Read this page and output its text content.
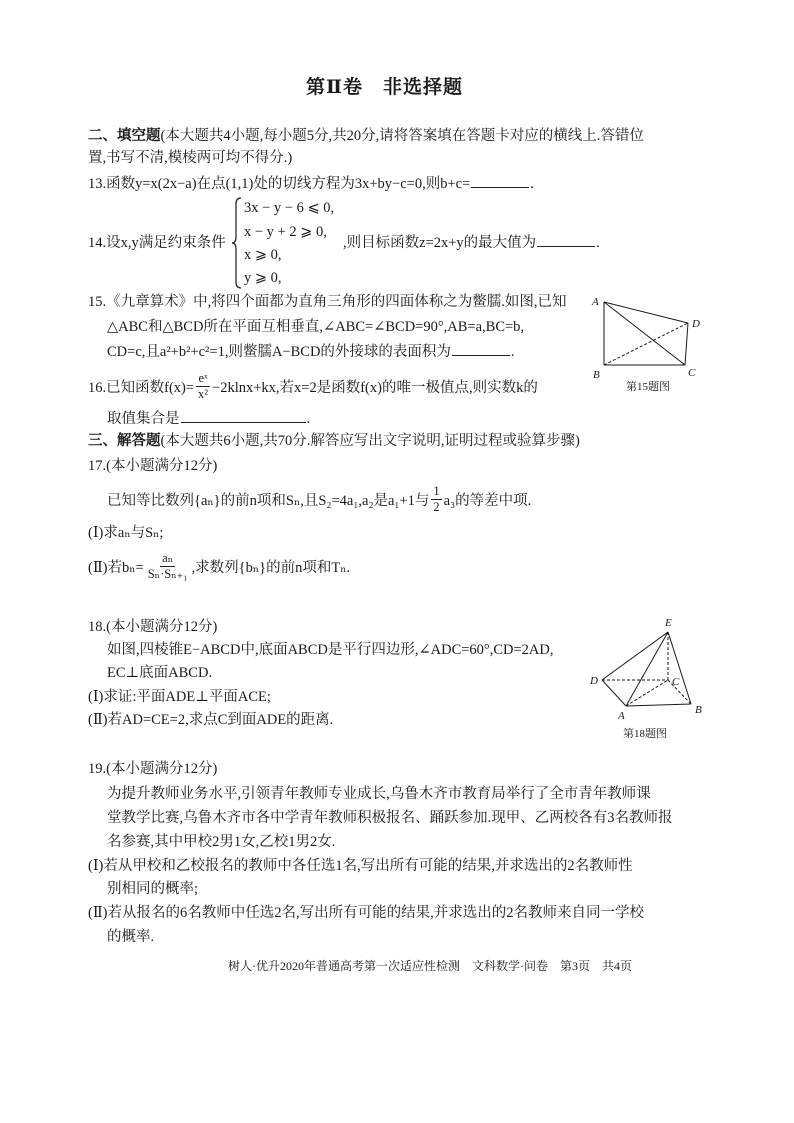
第Ⅱ卷　非选择题
二、填空题(本大题共4小题,每小题5分,共20分,请将答案填在答题卡对应的横线上.答错位
置,书写不清,模棱两可均不得分.)
13.函数y=x(2x−a)在点(1,1)处的切线方程为3x+by−c=0,则b+c=	.
14.设x,y满足约束条件
3x − y − 6 ⩽ 0,
x − y + 2 ⩾ 0,
x ⩾ 0,
y ⩾ 0,
,则目标函数z=2x+y的最大值为	.
15.《九章算术》中,将四个面都为直角三角形的四面体称之为鳖臑.如图,已知
△ABC和△BCD所在平面互相垂直,∠ABC=∠BCD=90°,AB=a,BC=b,
CD=c,且a²+b²+c²=1,则鳖臑A−BCD的外接球的表面积为	.
A
B	C
D
第15题图
16.已知函数$f(x)= \frac{\text{eˣ}}{\text{x²}} -2klnx+kx$,若x=2是函数f(x)的唯一极值点,则实数k的
取值集合是	.
三、解答题(本大题共6小题,共70分.解答应写出文字说明,证明过程或验算步骤)
17.(本小题满分12分)
已知等比数列{aₙ}的前n项和Sₙ,且S₂=4a₁,a₂是a₁+1与 $\frac{1}{2} a_3$的等差中项.
(Ⅰ)求aₙ与Sₙ;
(Ⅱ)若$b_n= \frac{\text{aₙ}}{\text{Sₙ·Sₙ₊₁}}$ ,求数列{bₙ}的前n项和Tₙ.
18.(本小题满分12分)
如图,四棱锥E−ABCD中,底面ABCD是平行四边形,∠ADC=60°,CD=2AD,
EC⊥底面ABCD.
(Ⅰ)求证:平面ADE⊥平面ACE;
(Ⅱ)若AD=CE=2,求点C到面ADE的距离.
E
D	C
A	B
第18题图
19.(本小题满分12分)
为提升教师业务水平,引领青年教师专业成长,乌鲁木齐市教育局举行了全市青年教师课
堂教学比赛,乌鲁木齐市各中学青年教师积极报名、踊跃参加.现甲、乙两校各有3名教师报
名参赛,其中甲校2男1女,乙校1男2女.
(Ⅰ)若从甲校和乙校报名的教师中各任选1名,写出所有可能的结果,并求选出的2名教师性
别相同的概率;
(Ⅱ)若从报名的6名教师中任选2名,写出所有可能的结果,并求选出的2名教师来自同一学校
的概率.
树人·优升2020年普通高考第一次适应性检测　文科数学·问卷　第3页　共4页
